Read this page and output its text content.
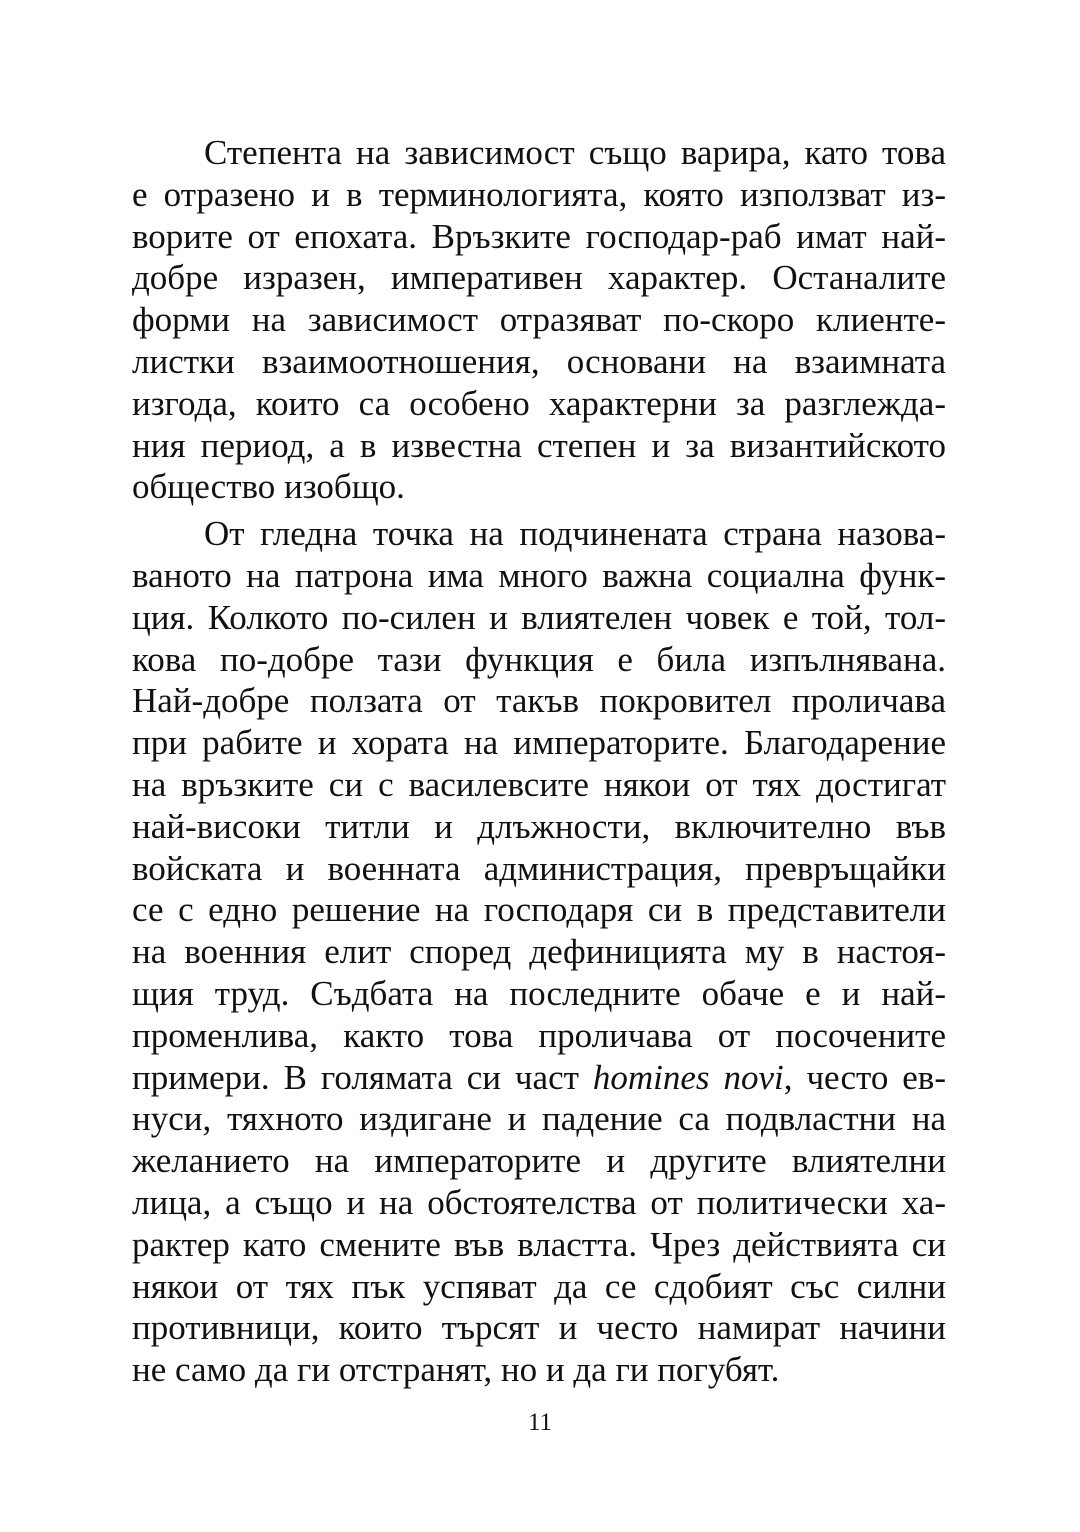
Степента на зависимост също варира, като това
е отразено и в терминологията, която използват из-
ворите от епохата. Връзките господар-раб имат най-
добре изразен, императивен характер. Останалите
форми на зависимост отразяват по-скоро клиенте-
листки взаимоотношения, основани на взаимната
изгода, които са особено характерни за разглежда-
ния период, а в известна степен и за византийското
общество изобщо.
От гледна точка на подчинената страна назова-
ваното на патрона има много важна социална функ-
ция. Колкото по-силен и влиятелен човек е той, тол-
кова по-добре тази функция е била изпълнявана.
Най-добре ползата от такъв покровител проличава
при рабите и хората на императорите. Благодарение
на връзките си с василевсите някои от тях достигат
най-високи титли и длъжности, включително във
войската и военната администрация, превръщайки
се с едно решение на господаря си в представители
на военния елит според дефиницията му в настоя-
щия труд. Съдбата на последните обаче е и най-
променлива, както това проличава от посочените
примери. В голямата си част homines novi, често ев-
нуси, тяхното издигане и падение са подвластни на
желанието на императорите и другите влиятелни
лица, а също и на обстоятелства от политически ха-
рактер като смените във властта. Чрез действията си
някои от тях пък успяват да се сдобият със силни
противници, които търсят и често намират начини
не само да ги отстранят, но и да ги погубят.
11
